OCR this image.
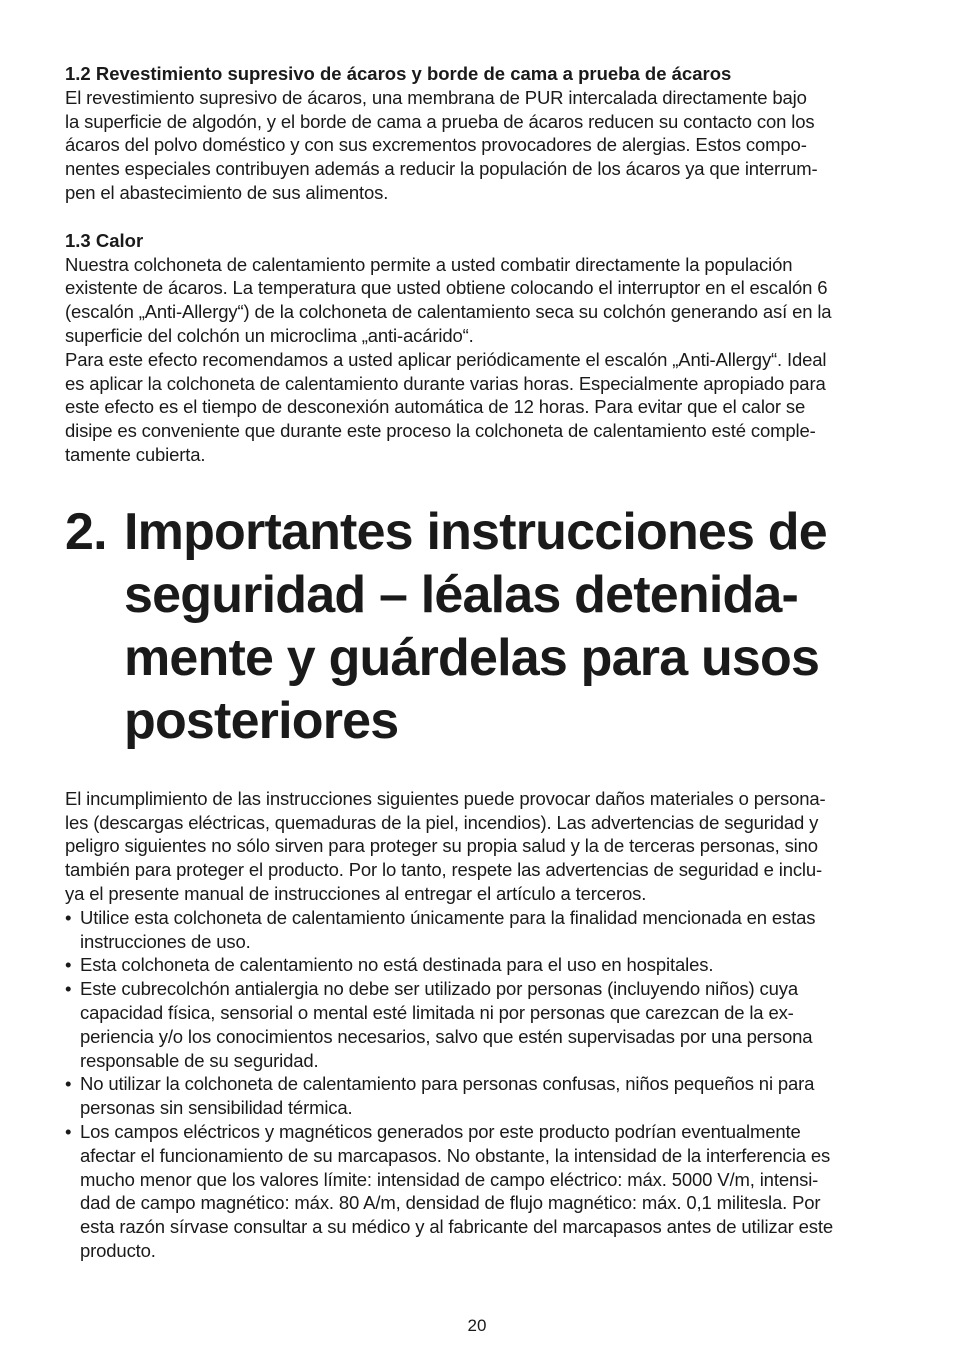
1.2 Revestimiento supresivo de ácaros y borde de cama a prueba de ácaros
El revestimiento supresivo de ácaros, una membrana de PUR intercalada directamente bajo
la superficie de algodón, y el borde de cama a prueba de ácaros reducen su contacto con los
ácaros del polvo doméstico y con sus excrementos provocadores de alergias. Estos compo-
nentes especiales contribuyen además a reducir la populación de los ácaros ya que interrum-
pen el abastecimiento de sus alimentos.
1.3 Calor
Nuestra colchoneta de calentamiento permite a usted combatir directamente la populación
existente de ácaros. La temperatura que usted obtiene colocando el interruptor en el escalón 6
(escalón „Anti-Allergy“) de la colchoneta de calentamiento seca su colchón generando así en la
superficie del colchón un microclima „anti-acárido“.
Para este efecto recomendamos a usted aplicar periódicamente el escalón „Anti-Allergy“. Ideal
es aplicar la colchoneta de calentamiento durante varias horas. Especialmente apropiado para
este efecto es el tiempo de desconexión automática de 12 horas. Para evitar que el calor se
disipe es conveniente que durante este proceso la colchoneta de calentamiento esté comple-
tamente cubierta.
2. Importantes instrucciones de
seguridad – léalas detenida-
mente y guárdelas para usos
posteriores
El incumplimiento de las instrucciones siguientes puede provocar daños materiales o persona-
les (descargas eléctricas, quemaduras de la piel, incendios). Las advertencias de seguridad y
peligro siguientes no sólo sirven para proteger su propia salud y la de terceras personas, sino
también para proteger el producto. Por lo tanto, respete las advertencias de seguridad e inclu-
ya el presente manual de instrucciones al entregar el artículo a terceros.
• Utilice esta colchoneta de calentamiento únicamente para la finalidad mencionada en estas
instrucciones de uso.
• Esta colchoneta de calentamiento no está destinada para el uso en hospitales.
• Este cubrecolchón antialergia no debe ser utilizado por personas (incluyendo niños) cuya
capacidad física, sensorial o mental esté limitada ni por personas que carezcan de la ex-
periencia y/o los conocimientos necesarios, salvo que estén supervisadas por una persona
responsable de su seguridad.
• No utilizar la colchoneta de calentamiento para personas confusas, niños pequeños ni para
personas sin sensibilidad térmica.
• Los campos eléctricos y magnéticos generados por este producto podrían eventualmente
afectar el funcionamiento de su marcapasos. No obstante, la intensidad de la interferencia es
mucho menor que los valores límite: intensidad de campo eléctrico: máx. 5000 V/m, intensi-
dad de campo magnético: máx. 80 A/m, densidad de flujo magnético: máx. 0,1 militesla. Por
esta razón sírvase consultar a su médico y al fabricante del marcapasos antes de utilizar este
producto.
20
